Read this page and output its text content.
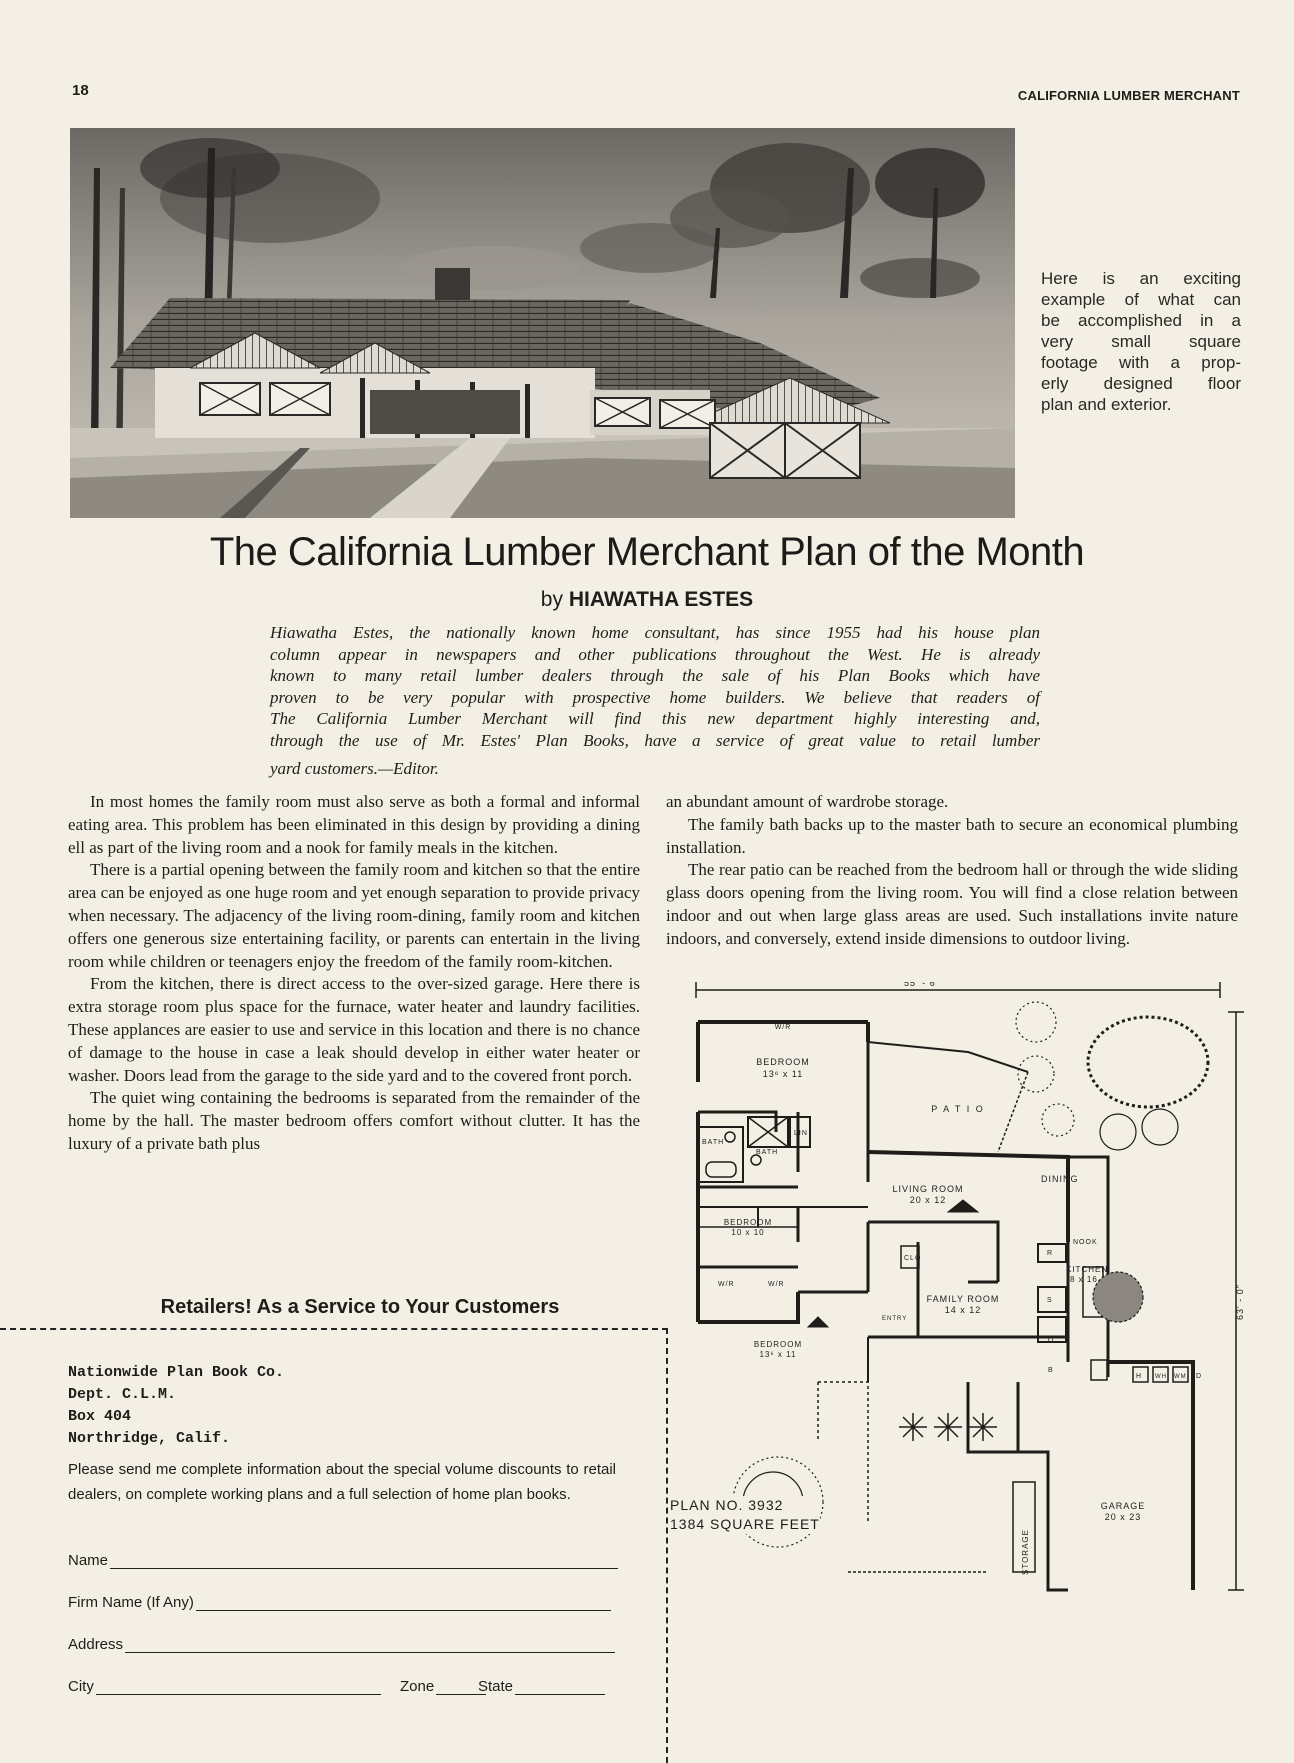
18	CALIFORNIA LUMBER MERCHANT
Here is an exciting
example of what can
be accomplished in a
very small square
footage with a prop-
erly designed floor
plan and exterior.
The California Lumber Merchant Plan of the Month
by HIAWATHA ESTES
Hiawatha Estes, the nationally known home consultant, has since 1955 had his house plan
column appear in newspapers and other publications throughout the West. He is already
known to many retail lumber dealers through the sale of his Plan Books which have
proven to be very popular with prospective home builders. We believe that readers of
The California Lumber Merchant will find this new department highly interesting and,
through the use of Mr. Estes' Plan Books, have a service of great value to retail lumber
yard customers.—Editor.

In most homes the family room must also serve as both a formal and informal eating area. This problem has been eliminated in this design by providing a dining ell as part of the living room and a nook for family meals in the kitchen.

There is a partial opening between the family room and kitchen so that the entire area can be enjoyed as one huge room and yet enough separation to provide privacy when necessary. The adjacency of the living room-dining, family room and kitchen offers one generous size entertaining facility, or parents can entertain in the living room while children or teenagers enjoy the freedom of the family room-kitchen.

From the kitchen, there is direct access to the over-sized garage. Here there is extra storage room plus space for the furnace, water heater and laundry facilities. These applances are easier to use and service in this location and there is no chance of damage to the house in case a leak should develop in either water heater or washer. Doors lead from the garage to the side yard and to the covered front porch.

The quiet wing containing the bedrooms is separated from the remainder of the home by the hall. The master bedroom offers comfort without clutter. It has the luxury of a private bath plus

an abundant amount of wardrobe storage.

The family bath backs up to the master bath to secure an economical plumbing installation.

The rear patio can be reached from the bedroom hall or through the wide sliding glass doors opening from the living room. You will find a close relation between indoor and out when large glass areas are used. Such installations invite nature indoors, and conversely, extend inside dimensions to outdoor living.

Retailers! As a Service to Your Customers
Nationwide Plan Book Co.
Dept. C.L.M.
Box 404
Northridge, Calif.
Please send me complete information about the special volume discounts to retail dealers, on complete working plans and a full selection of home plan books.
Name
Firm Name (If Any)
Address
City	Zone	State
55' - 6"
63' - 0"
W/R
BEDROOM
13⁶ x 11
P A T I O
LIN
BATH
BATH
LIVING ROOM
20 x 12
DINING
BEDROOM
10 x 10
NOOK
R
KITCHEN
8 x 16
S
W/R	W/R
CLO
FAMILY ROOM
14 x 12
ENTRY
BEDROOM
13⁶ x 11
O
B
H WH WM D
GARAGE
20 x 23
STORAGE
PLAN NO. 3932
1384 SQUARE FEET
